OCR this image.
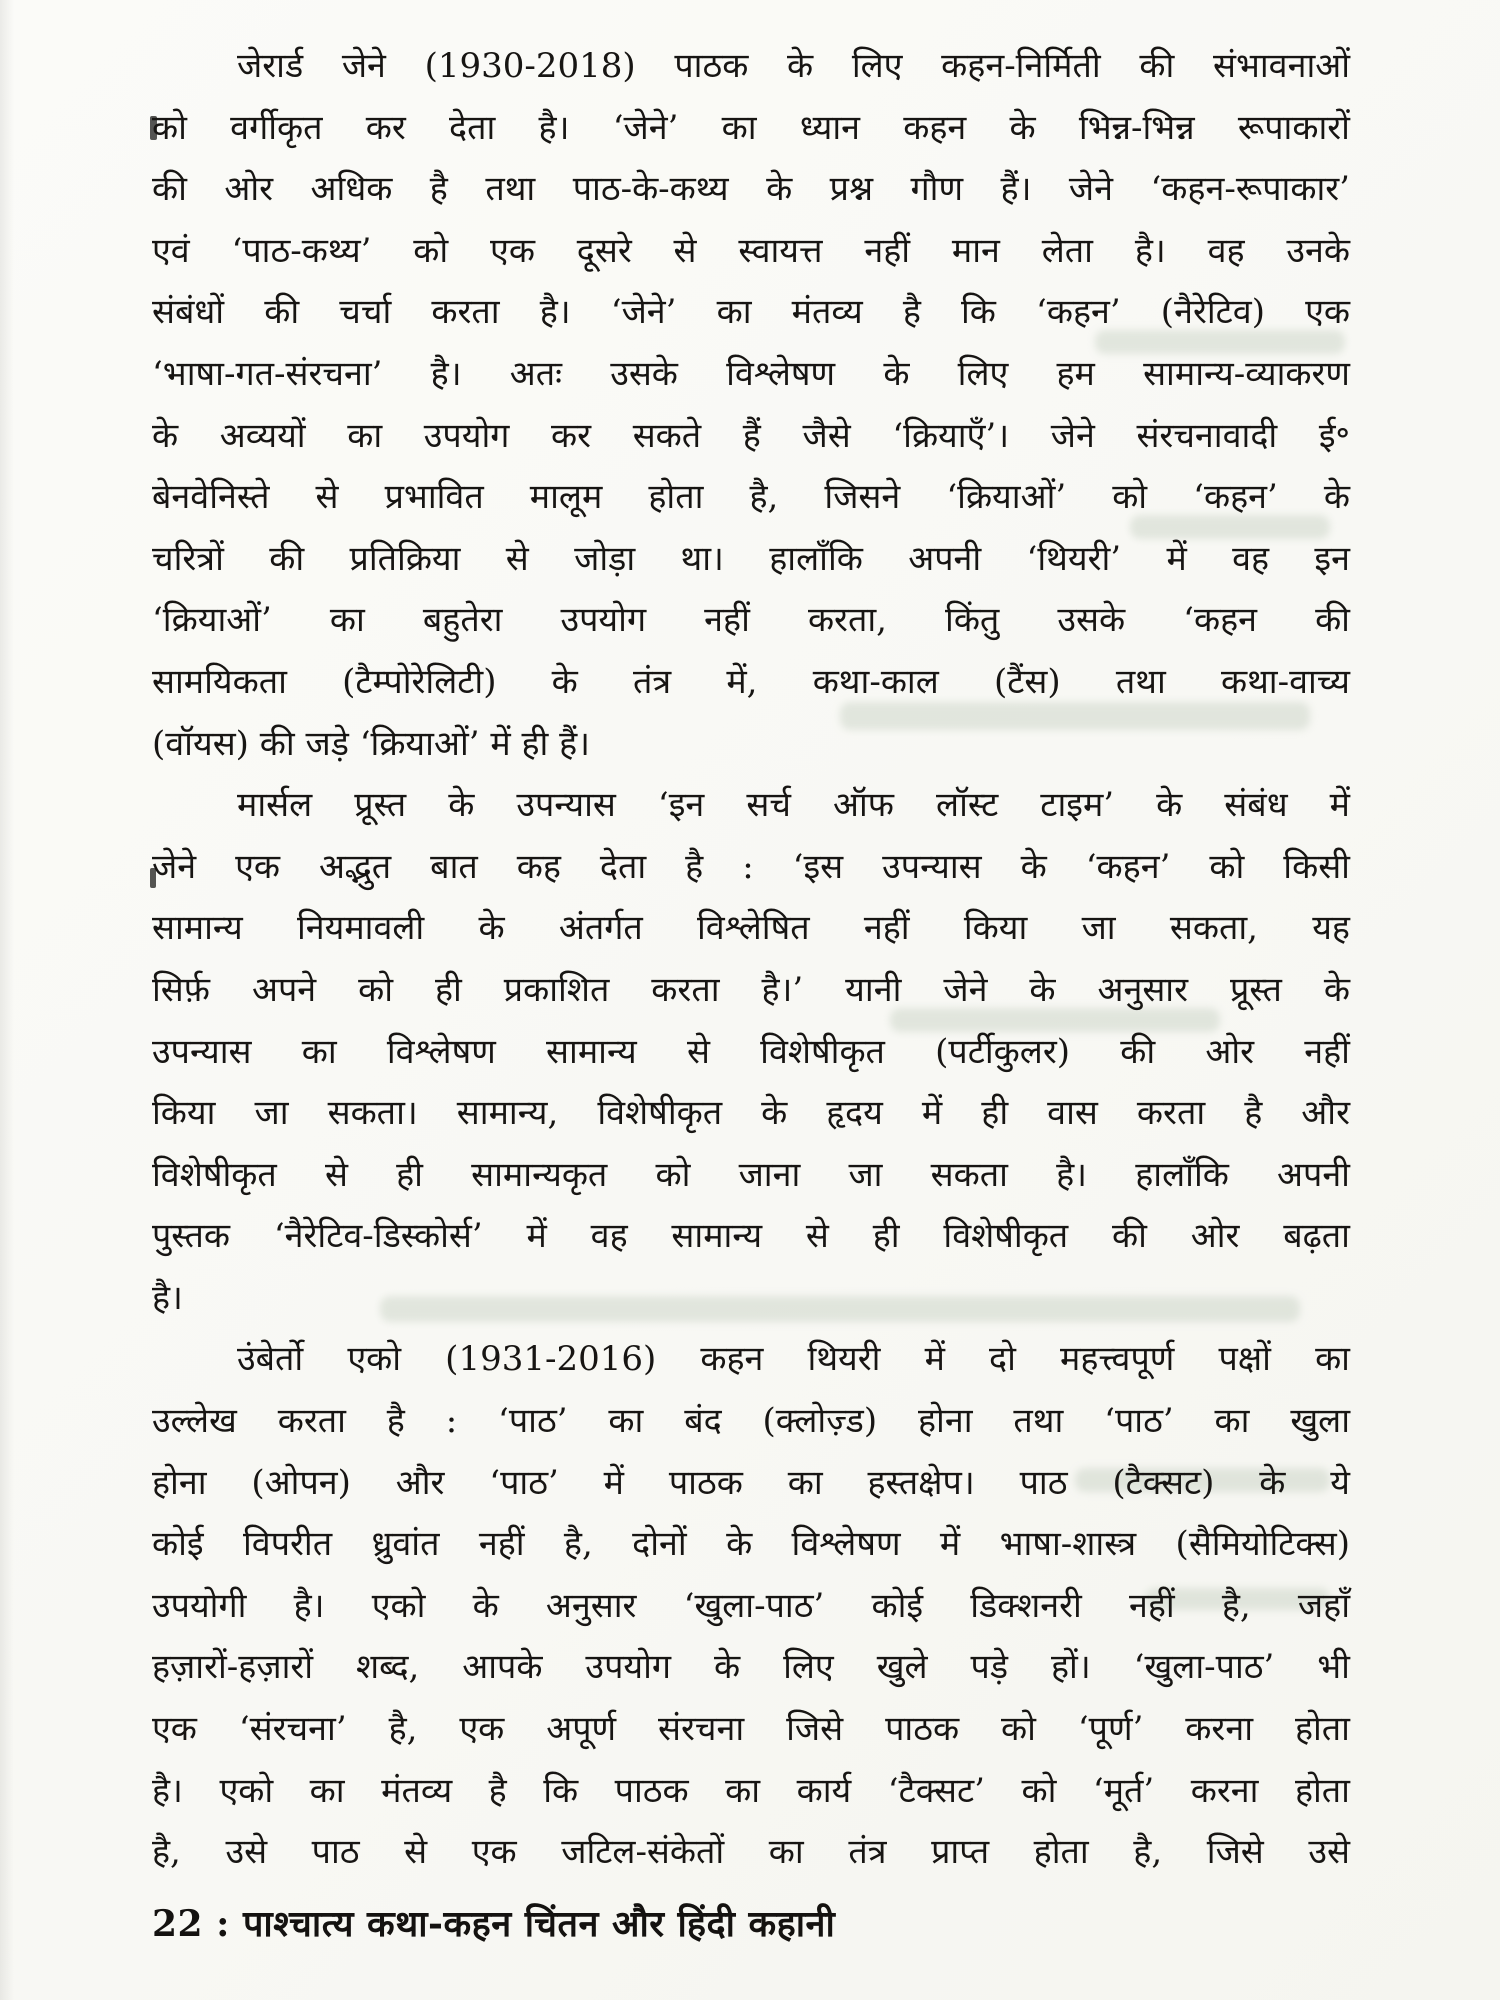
जेरार्ड जेने (1930-2018) पाठक के लिए कहन-निर्मिती की संभावनाओं
को वर्गीकृत कर देता है। ‘जेने’ का ध्यान कहन के भिन्न-भिन्न रूपाकारों
की ओर अधिक है तथा पाठ-के-कथ्य के प्रश्न गौण हैं। जेने ‘कहन-रूपाकार’
एवं ‘पाठ-कथ्य’ को एक दूसरे से स्वायत्त नहीं मान लेता है। वह उनके
संबंधों की चर्चा करता है। ‘जेने’ का मंतव्य है कि ‘कहन’ (नैरेटिव) एक
‘भाषा-गत-संरचना’ है। अतः उसके विश्लेषण के लिए हम सामान्य-व्याकरण
के अव्ययों का उपयोग कर सकते हैं जैसे ‘क्रियाएँ’। जेने संरचनावादी ई॰
बेनवेनिस्ते से प्रभावित मालूम होता है, जिसने ‘क्रियाओं’ को ‘कहन’ के
चरित्रों की प्रतिक्रिया से जोड़ा था। हालाँकि अपनी ‘थियरी’ में वह इन
‘क्रियाओं’ का बहुतेरा उपयोग नहीं करता, किंतु उसके ‘कहन की
सामयिकता (टैम्पोरेलिटी) के तंत्र में, कथा-काल (टैंस) तथा कथा-वाच्य
(वॉयस) की जड़े ‘क्रियाओं’ में ही हैं।
मार्सल प्रूस्त के उपन्यास ‘इन सर्च ऑफ लॉस्ट टाइम’ के संबंध में
जेने एक अद्भुत बात कह देता है : ‘इस उपन्यास के ‘कहन’ को किसी
सामान्य नियमावली के अंतर्गत विश्लेषित नहीं किया जा सकता, यह
सिर्फ़ अपने को ही प्रकाशित करता है।’ यानी जेने के अनुसार प्रूस्त के
उपन्यास का विश्लेषण सामान्य से विशेषीकृत (पर्टीकुलर) की ओर नहीं
किया जा सकता। सामान्य, विशेषीकृत के हृदय में ही वास करता है और
विशेषीकृत से ही सामान्यकृत को जाना जा सकता है। हालाँकि अपनी
पुस्तक ‘नैरेटिव-डिस्कोर्स’ में वह सामान्य से ही विशेषीकृत की ओर बढ़ता
है।
उंबेर्तो एको (1931-2016) कहन थियरी में दो महत्त्वपूर्ण पक्षों का
उल्लेख करता है : ‘पाठ’ का बंद (क्लोज़्ड) होना तथा ‘पाठ’ का खुला
होना (ओपन) और ‘पाठ’ में पाठक का हस्तक्षेप। पाठ (टैक्सट) के ये
कोई विपरीत ध्रुवांत नहीं है, दोनों के विश्लेषण में भाषा-शास्त्र (सैमियोटिक्स)
उपयोगी है। एको के अनुसार ‘खुला-पाठ’ कोई डिक्शनरी नहीं है, जहाँ
हज़ारों-हज़ारों शब्द, आपके उपयोग के लिए खुले पड़े हों। ‘खुला-पाठ’ भी
एक ‘संरचना’ है, एक अपूर्ण संरचना जिसे पाठक को ‘पूर्ण’ करना होता
है। एको का मंतव्य है कि पाठक का कार्य ‘टैक्सट’ को ‘मूर्त’ करना होता
है, उसे पाठ से एक जटिल-संकेतों का तंत्र प्राप्त होता है, जिसे उसे
22 : पाश्चात्य कथा-कहन चिंतन और हिंदी कहानी
